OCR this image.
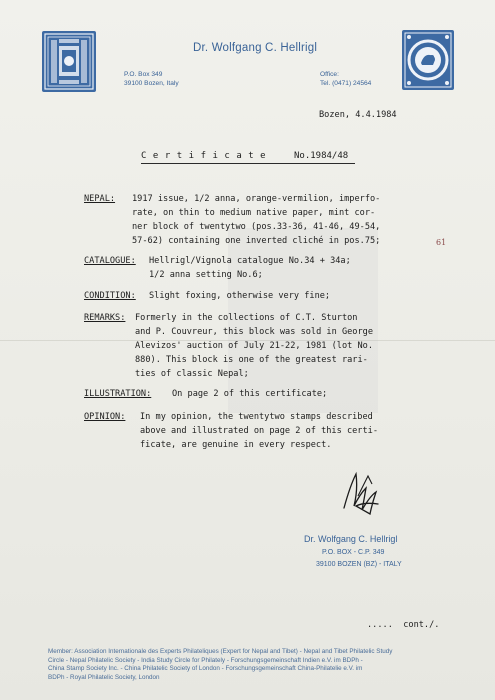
Dr. Wolfgang C. Hellrigl
P.O. Box 349
39100 Bozen, Italy
Office:
Tel. (0471) 24564
Bozen, 4.4.1984
Certificate No.1984/48
NEPAL: 1917 issue, 1/2 anna, orange-vermilion, imperfo-
rate, on thin to medium native paper, mint cor-
ner block of twentytwo (pos.33-36, 41-46, 49-54,
57-62) containing one inverted cliché in pos.75;	61
CATALOGUE: Hellrigl/Vignola catalogue No.34 + 34a;
1/2 anna setting No.6;
CONDITION: Slight foxing, otherwise very fine;
REMARKS: Formerly in the collections of C.T. Sturton
and P. Couvreur, this block was sold in George
Alevizos' auction of July 21-22, 1981 (lot No.
880). This block is one of the greatest rari-
ties of classic Nepal;
ILLUSTRATION: On page 2 of this certificate;
OPINION: In my opinion, the twentytwo stamps described
above and illustrated on page 2 of this certi-
ficate, are genuine in every respect.
Dr. Wolfgang C. Hellrigl
P.O. BOX - C.P. 349
39100 BOZEN (BZ) - ITALY
.....  cont./.
Member: Association Internationale des Experts Philateliques (Expert for Nepal and Tibet) - Nepal and Tibet Philatelic Study
Circle - Nepal Philatelic Society - India Study Circle for Philately - Forschungsgemeinschaft Indien e.V. im BDPh -
China Stamp Society Inc. - China Philatelic Society of London - Forschungsgemeinschaft China-Philatelie e.V. im
BDPh - Royal Philatelic Society, London
